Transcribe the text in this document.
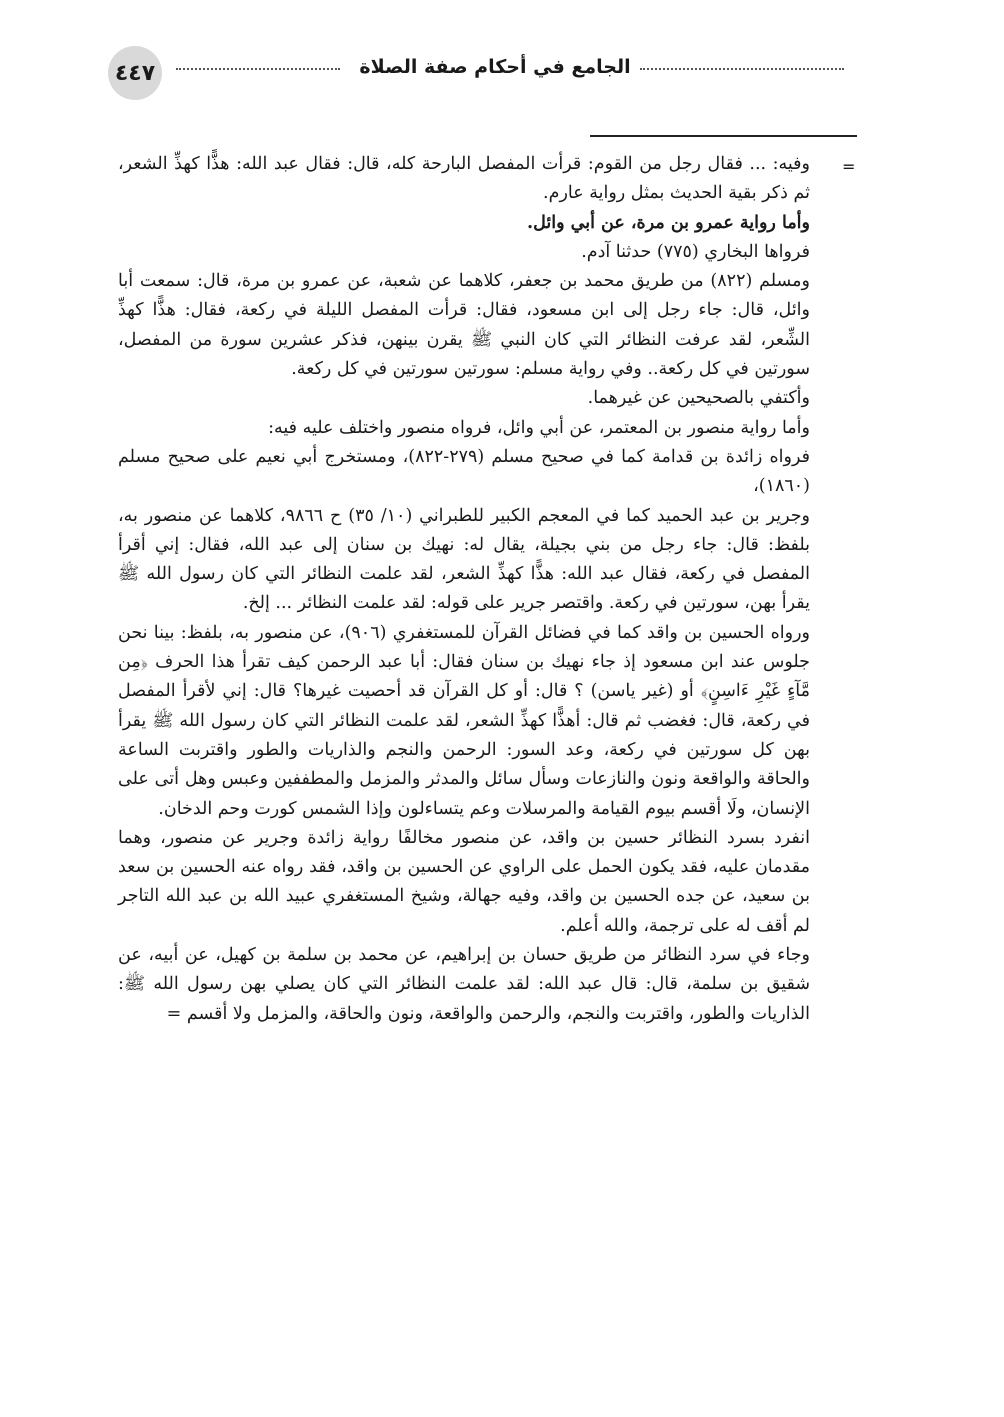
٤٤٧	الجامع في أحكام صفة الصلاة
=

وفيه: ... فقال رجل من القوم: قرأت المفصل البارحة كله، قال: فقال عبد الله: هذًّا كهذِّ الشعر، ثم ذكر بقية الحديث بمثل رواية عارم.

وأما رواية عمرو بن مرة، عن أبي وائل.

فرواها البخاري (٧٧٥) حدثنا آدم.

ومسلم (٨٢٢) من طريق محمد بن جعفر، كلاهما عن شعبة، عن عمرو بن مرة، قال: سمعت أبا وائل، قال: جاء رجل إلى ابن مسعود، فقال: قرأت المفصل الليلة في ركعة، فقال: هذًّا كهذِّ الشِّعر، لقد عرفت النظائر التي كان النبي ﷺ يقرن بينهن، فذكر عشرين سورة من المفصل، سورتين في كل ركعة.. وفي رواية مسلم: سورتين سورتين في كل ركعة.

وأكتفي بالصحيحين عن غيرهما.

وأما رواية منصور بن المعتمر، عن أبي وائل، فرواه منصور واختلف عليه فيه:

فرواه زائدة بن قدامة كما في صحيح مسلم (٢٧٩-٨٢٢)، ومستخرج أبي نعيم على صحيح مسلم (١٨٦٠)،

وجرير بن عبد الحميد كما في المعجم الكبير للطبراني (١٠/ ٣٥) ح ٩٨٦٦، كلاهما عن منصور به، بلفظ: قال: جاء رجل من بني بجيلة، يقال له: نهيك بن سنان إلى عبد الله، فقال: إني أقرأ المفصل في ركعة، فقال عبد الله: هذًّا كهذِّ الشعر، لقد علمت النظائر التي كان رسول الله ﷺ يقرأ بهن، سورتين في ركعة. واقتصر جرير على قوله: لقد علمت النظائر ... إلخ.

ورواه الحسين بن واقد كما في فضائل القرآن للمستغفري (٩٠٦)، عن منصور به، بلفظ: بينا نحن جلوس عند ابن مسعود إذ جاء نهيك بن سنان فقال: أبا عبد الرحمن كيف تقرأ هذا الحرف ﴿مِن مَّآءٍ غَيْرِ ءَاسِنٍ﴾ أو (غير ياسن) ؟ قال: أو كل القرآن قد أحصيت غيرها؟ قال: إني لأقرأ المفصل في ركعة، قال: فغضب ثم قال: أهذًّا كهذِّ الشعر، لقد علمت النظائر التي كان رسول الله ﷺ يقرأ بهن كل سورتين في ركعة، وعد السور: الرحمن والنجم والذاريات والطور واقتربت الساعة والحاقة والواقعة ونون والنازعات وسأل سائل والمدثر والمزمل والمطففين وعبس وهل أتى على الإنسان، ولَا أقسم بيوم القيامة والمرسلات وعم يتساءلون وإذا الشمس كورت وحم الدخان.

انفرد بسرد النظائر حسين بن واقد، عن منصور مخالفًا رواية زائدة وجرير عن منصور، وهما مقدمان عليه، فقد يكون الحمل على الراوي عن الحسين بن واقد، فقد رواه عنه الحسين بن سعد بن سعيد، عن جده الحسين بن واقد، وفيه جهالة، وشيخ المستغفري عبيد الله بن عبد الله التاجر لم أقف له على ترجمة، والله أعلم.

وجاء في سرد النظائر من طريق حسان بن إبراهيم، عن محمد بن سلمة بن كهيل، عن أبيه، عن شقيق بن سلمة، قال: قال عبد الله: لقد علمت النظائر التي كان يصلي بهن رسول الله ﷺ: الذاريات والطور، واقتربت والنجم، والرحمن والواقعة، ونون والحاقة، والمزمل ولا أقسم =
